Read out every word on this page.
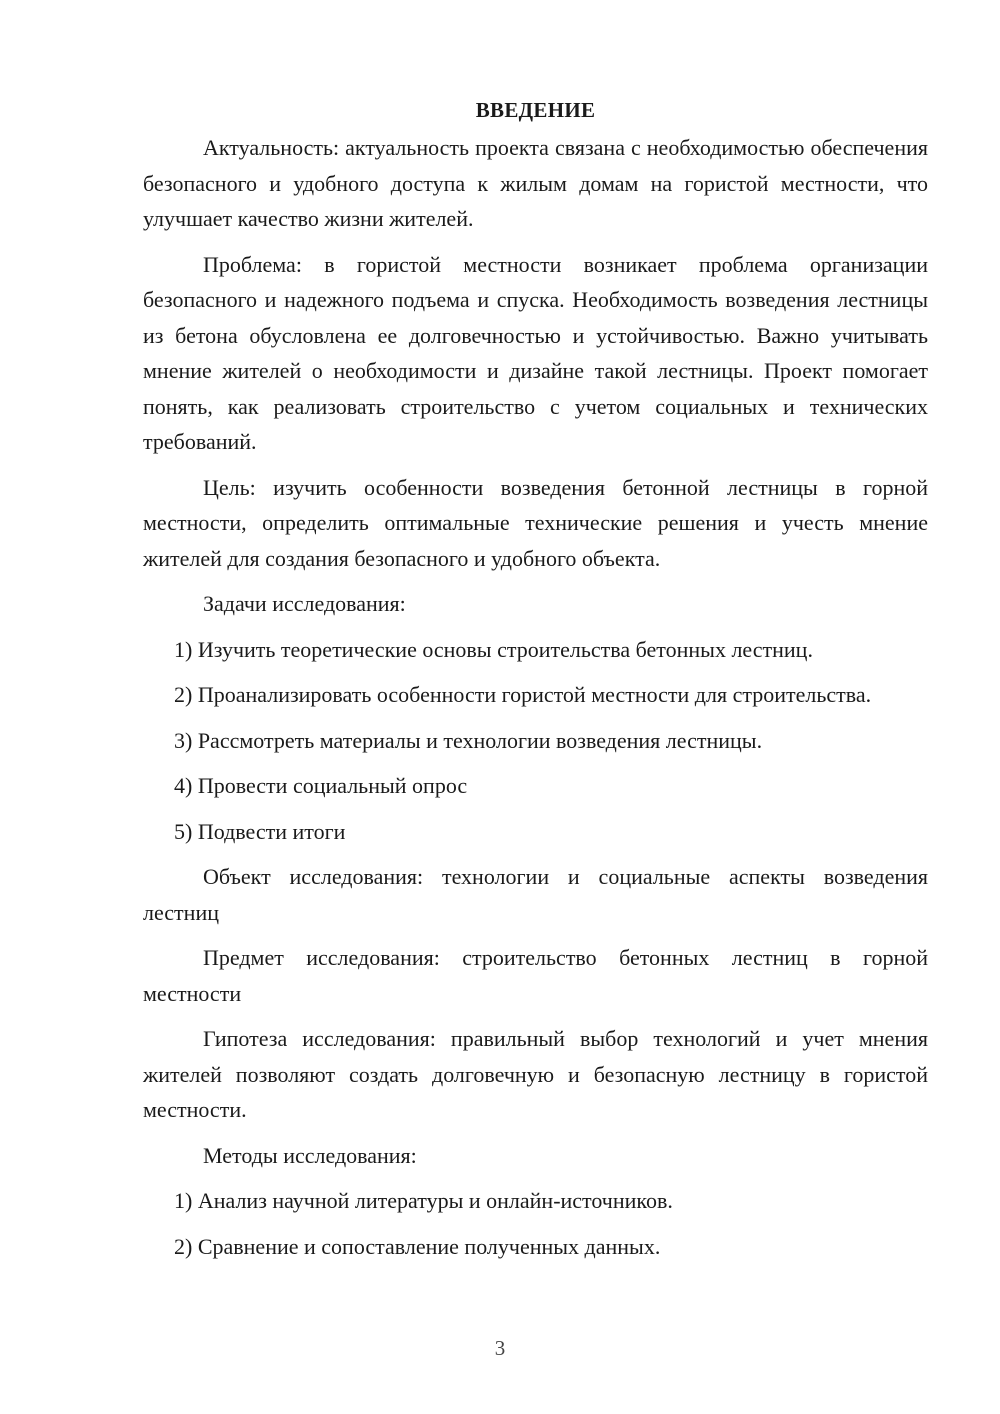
ВВЕДЕНИЕ

Актуальность: актуальность проекта связана с необходимостью обеспечения безопасного и удобного доступа к жилым домам на гористой местности, что улучшает качество жизни жителей.

Проблема: в гористой местности возникает проблема организации безопасного и надежного подъема и спуска. Необходимость возведения лестницы из бетона обусловлена ее долговечностью и устойчивостью. Важно учитывать мнение жителей о необходимости и дизайне такой лестницы. Проект помогает понять, как реализовать строительство с учетом социальных и технических требований.

Цель: изучить особенности возведения бетонной лестницы в горной местности, определить оптимальные технические решения и учесть мнение жителей для создания безопасного и удобного объекта.

Задачи исследования:

1) Изучить теоретические основы строительства бетонных лестниц.

2) Проанализировать особенности гористой местности для строительства.

3) Рассмотреть материалы и технологии возведения лестницы.

4) Провести социальный опрос

5) Подвести итоги

Объект исследования: технологии и социальные аспекты возведения лестниц

Предмет исследования: строительство бетонных лестниц в горной местности

Гипотеза исследования: правильный выбор технологий и учет мнения жителей позволяют создать долговечную и безопасную лестницу в гористой местности.

Методы исследования:

1) Анализ научной литературы и онлайн-источников.

2) Сравнение и сопоставление полученных данных.

3
